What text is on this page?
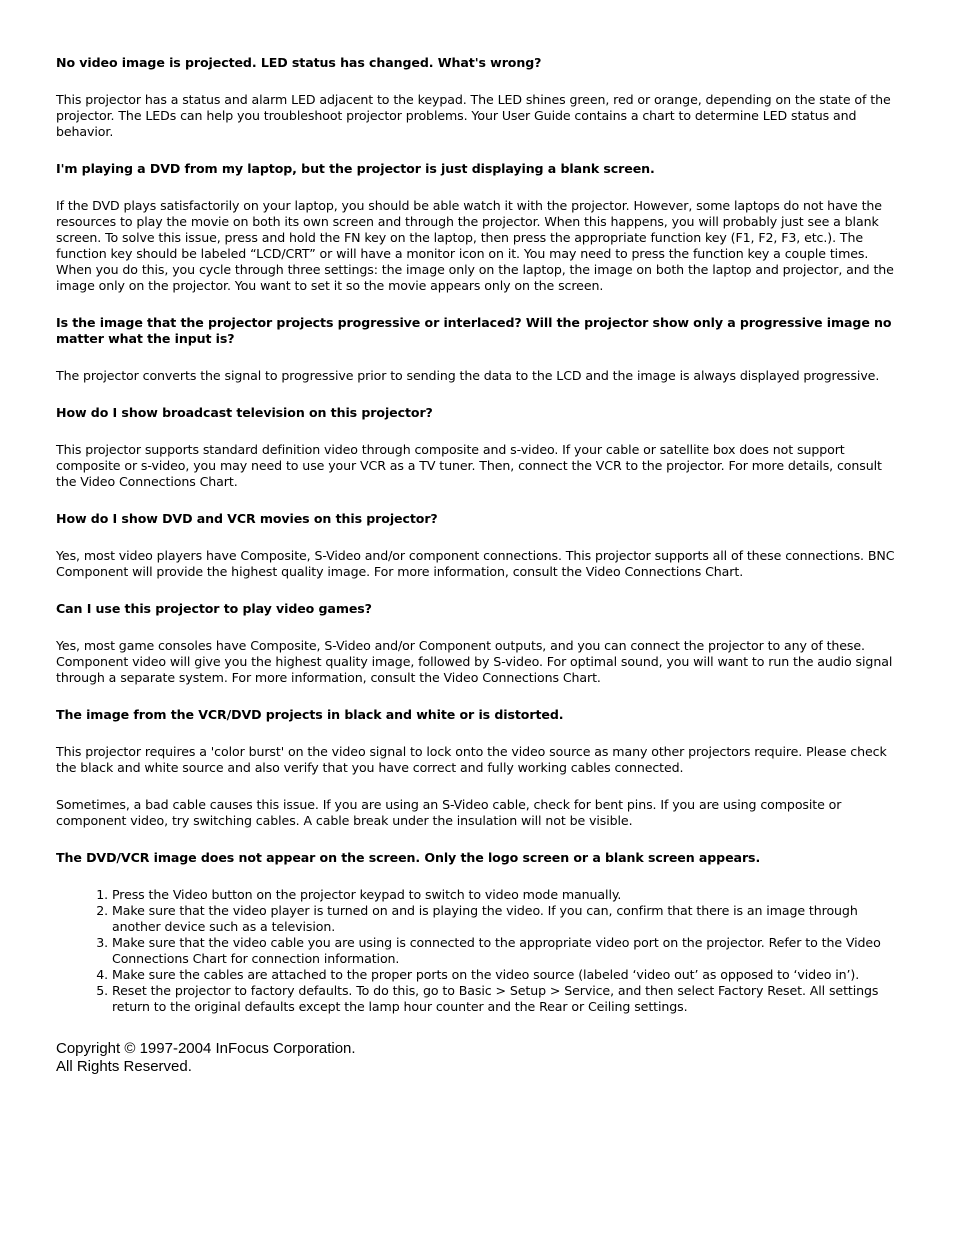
No video image is projected. LED status has changed. What's wrong?

This projector has a status and alarm LED adjacent to the keypad. The LED shines green, red or orange, depending on the state of the projector. The LEDs can help you troubleshoot projector problems. Your User Guide contains a chart to determine LED status and behavior.

I'm playing a DVD from my laptop, but the projector is just displaying a blank screen.

If the DVD plays satisfactorily on your laptop, you should be able watch it with the projector. However, some laptops do not have the resources to play the movie on both its own screen and through the projector. When this happens, you will probably just see a blank screen. To solve this issue, press and hold the FN key on the laptop, then press the appropriate function key (F1, F2, F3, etc.). The function key should be labeled “LCD/CRT” or will have a monitor icon on it. You may need to press the function key a couple times. When you do this, you cycle through three settings: the image only on the laptop, the image on both the laptop and projector, and the image only on the projector. You want to set it so the movie appears only on the screen.

Is the image that the projector projects progressive or interlaced? Will the projector show only a progressive image no matter what the input is?

The projector converts the signal to progressive prior to sending the data to the LCD and the image is always displayed progressive.

How do I show broadcast television on this projector?

This projector supports standard definition video through composite and s-video. If your cable or satellite box does not support composite or s-video, you may need to use your VCR as a TV tuner. Then, connect the VCR to the projector. For more details, consult the Video Connections Chart.

How do I show DVD and VCR movies on this projector?

Yes, most video players have Composite, S-Video and/or component connections. This projector supports all of these connections. BNC Component will provide the highest quality image. For more information, consult the Video Connections Chart.

Can I use this projector to play video games?

Yes, most game consoles have Composite, S-Video and/or Component outputs, and you can connect the projector to any of these. Component video will give you the highest quality image, followed by S-video. For optimal sound, you will want to run the audio signal through a separate system. For more information, consult the Video Connections Chart.

The image from the VCR/DVD projects in black and white or is distorted.

This projector requires a 'color burst' on the video signal to lock onto the video source as many other projectors require. Please check the black and white source and also verify that you have correct and fully working cables connected.

Sometimes, a bad cable causes this issue. If you are using an S-Video cable, check for bent pins. If you are using composite or component video, try switching cables. A cable break under the insulation will not be visible.

The DVD/VCR image does not appear on the screen. Only the logo screen or a blank screen appears.

1. Press the Video button on the projector keypad to switch to video mode manually.
2. Make sure that the video player is turned on and is playing the video. If you can, confirm that there is an image through another device such as a television.
3. Make sure that the video cable you are using is connected to the appropriate video port on the projector. Refer to the Video Connections Chart for connection information.
4. Make sure the cables are attached to the proper ports on the video source (labeled ‘video out’ as opposed to ‘video in’).
5. Reset the projector to factory defaults. To do this, go to Basic > Setup > Service, and then select Factory Reset. All settings return to the original defaults except the lamp hour counter and the Rear or Ceiling settings.
Copyright © 1997-2004 InFocus Corporation.
All Rights Reserved.
